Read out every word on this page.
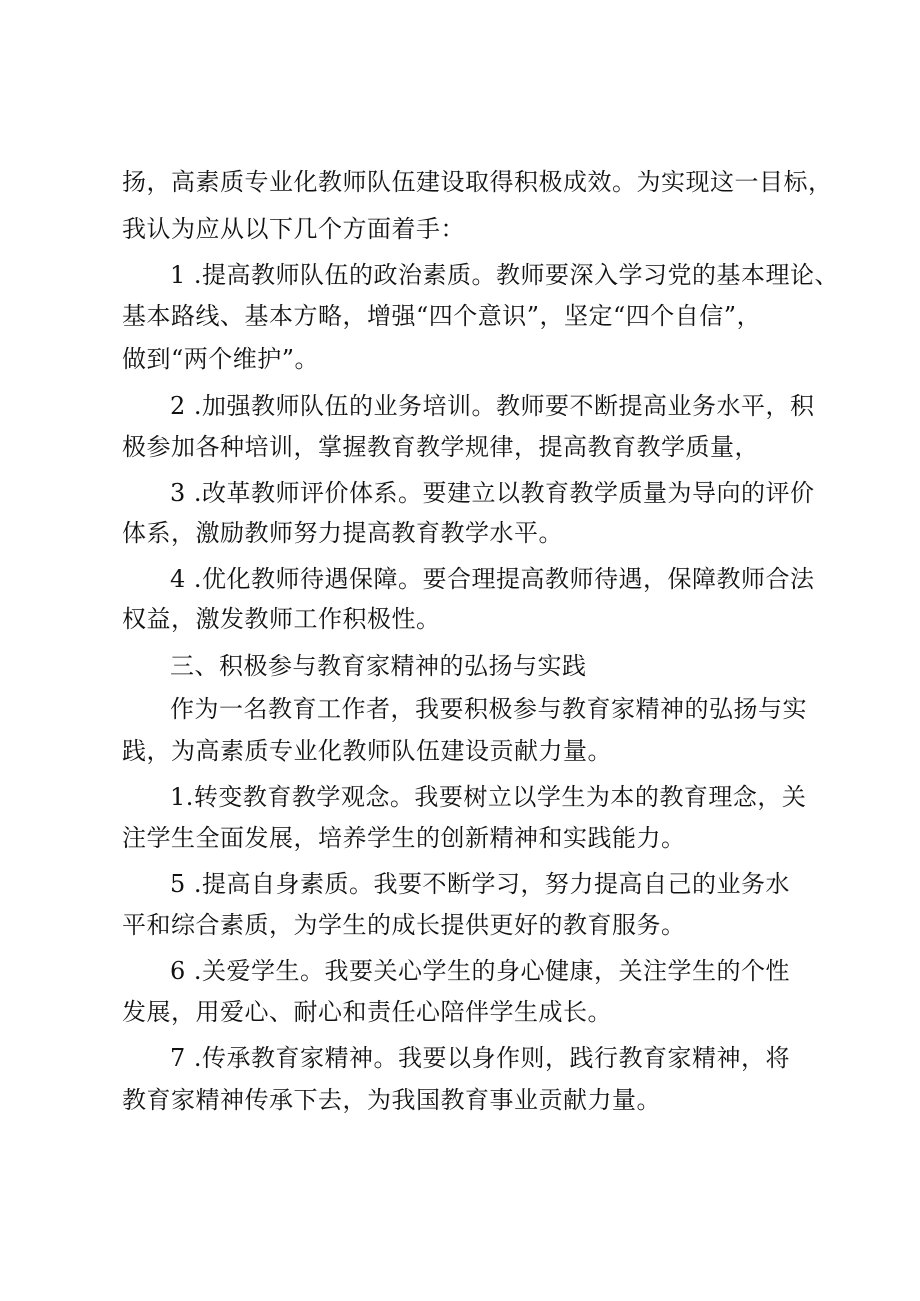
扬，高素质专业化教师队伍建设取得积极成效。为实现这一目标，
我认为应从以下几个方面着手：
1 .提高教师队伍的政治素质。教师要深入学习党的基本理论、
基本路线、基本方略，增强“四个意识”，坚定“四个自信”，
做到“两个维护”。
2 .加强教师队伍的业务培训。教师要不断提高业务水平，积
极参加各种培训，掌握教育教学规律，提高教育教学质量，
3 .改革教师评价体系。要建立以教育教学质量为导向的评价
体系，激励教师努力提高教育教学水平。
4 .优化教师待遇保障。要合理提高教师待遇，保障教师合法
权益，激发教师工作积极性。
三、积极参与教育家精神的弘扬与实践
作为一名教育工作者，我要积极参与教育家精神的弘扬与实
践，为高素质专业化教师队伍建设贡献力量。
1.转变教育教学观念。我要树立以学生为本的教育理念，关
注学生全面发展，培养学生的创新精神和实践能力。
5 .提高自身素质。我要不断学习，努力提高自己的业务水
平和综合素质，为学生的成长提供更好的教育服务。
6 .关爱学生。我要关心学生的身心健康，关注学生的个性
发展，用爱心、耐心和责任心陪伴学生成长。
7 .传承教育家精神。我要以身作则，践行教育家精神，将
教育家精神传承下去，为我国教育事业贡献力量。
